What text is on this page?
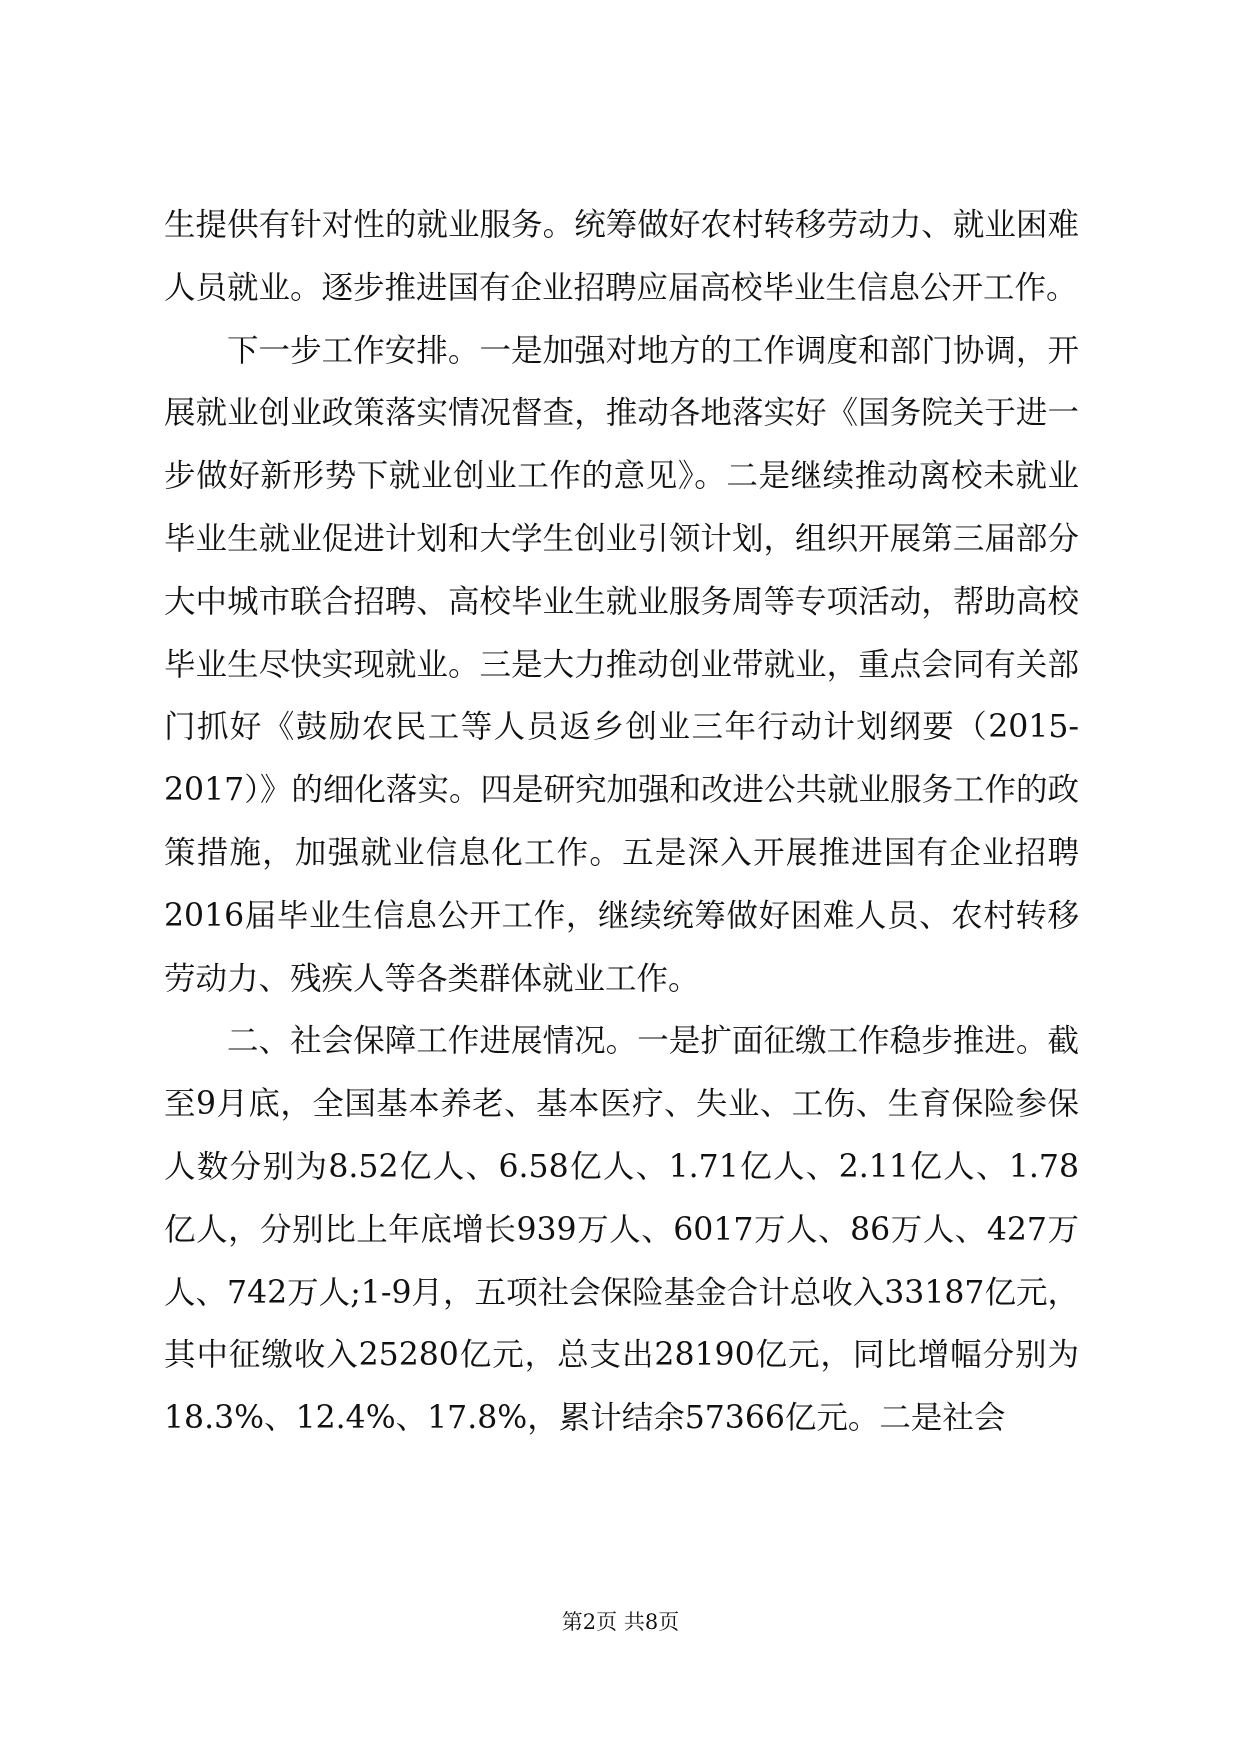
生提供有针对性的就业服务。统筹做好农村转移劳动力、就业困难人员就业。逐步推进国有企业招聘应届高校毕业生信息公开工作。

下一步工作安排。一是加强对地方的工作调度和部门协调，开展就业创业政策落实情况督查，推动各地落实好《国务院关于进一步做好新形势下就业创业工作的意见》。二是继续推动离校未就业毕业生就业促进计划和大学生创业引领计划，组织开展第三届部分大中城市联合招聘、高校毕业生就业服务周等专项活动，帮助高校毕业生尽快实现就业。三是大力推动创业带就业，重点会同有关部门抓好《鼓励农民工等人员返乡创业三年行动计划纲要（2015-2017）》的细化落实。四是研究加强和改进公共就业服务工作的政策措施，加强就业信息化工作。五是深入开展推进国有企业招聘2016届毕业生信息公开工作，继续统筹做好困难人员、农村转移劳动力、残疾人等各类群体就业工作。

二、社会保障工作进展情况。一是扩面征缴工作稳步推进。截至9月底，全国基本养老、基本医疗、失业、工伤、生育保险参保人数分别为8.52亿人、6.58亿人、1.71亿人、2.11亿人、1.78亿人，分别比上年底增长939万人、6017万人、86万人、427万人、742万人;1-9月，五项社会保险基金合计总收入33187亿元，其中征缴收入25280亿元，总支出28190亿元，同比增幅分别为18.3%、12.4%、17.8%，累计结余57366亿元。二是社会

第2页 共8页
